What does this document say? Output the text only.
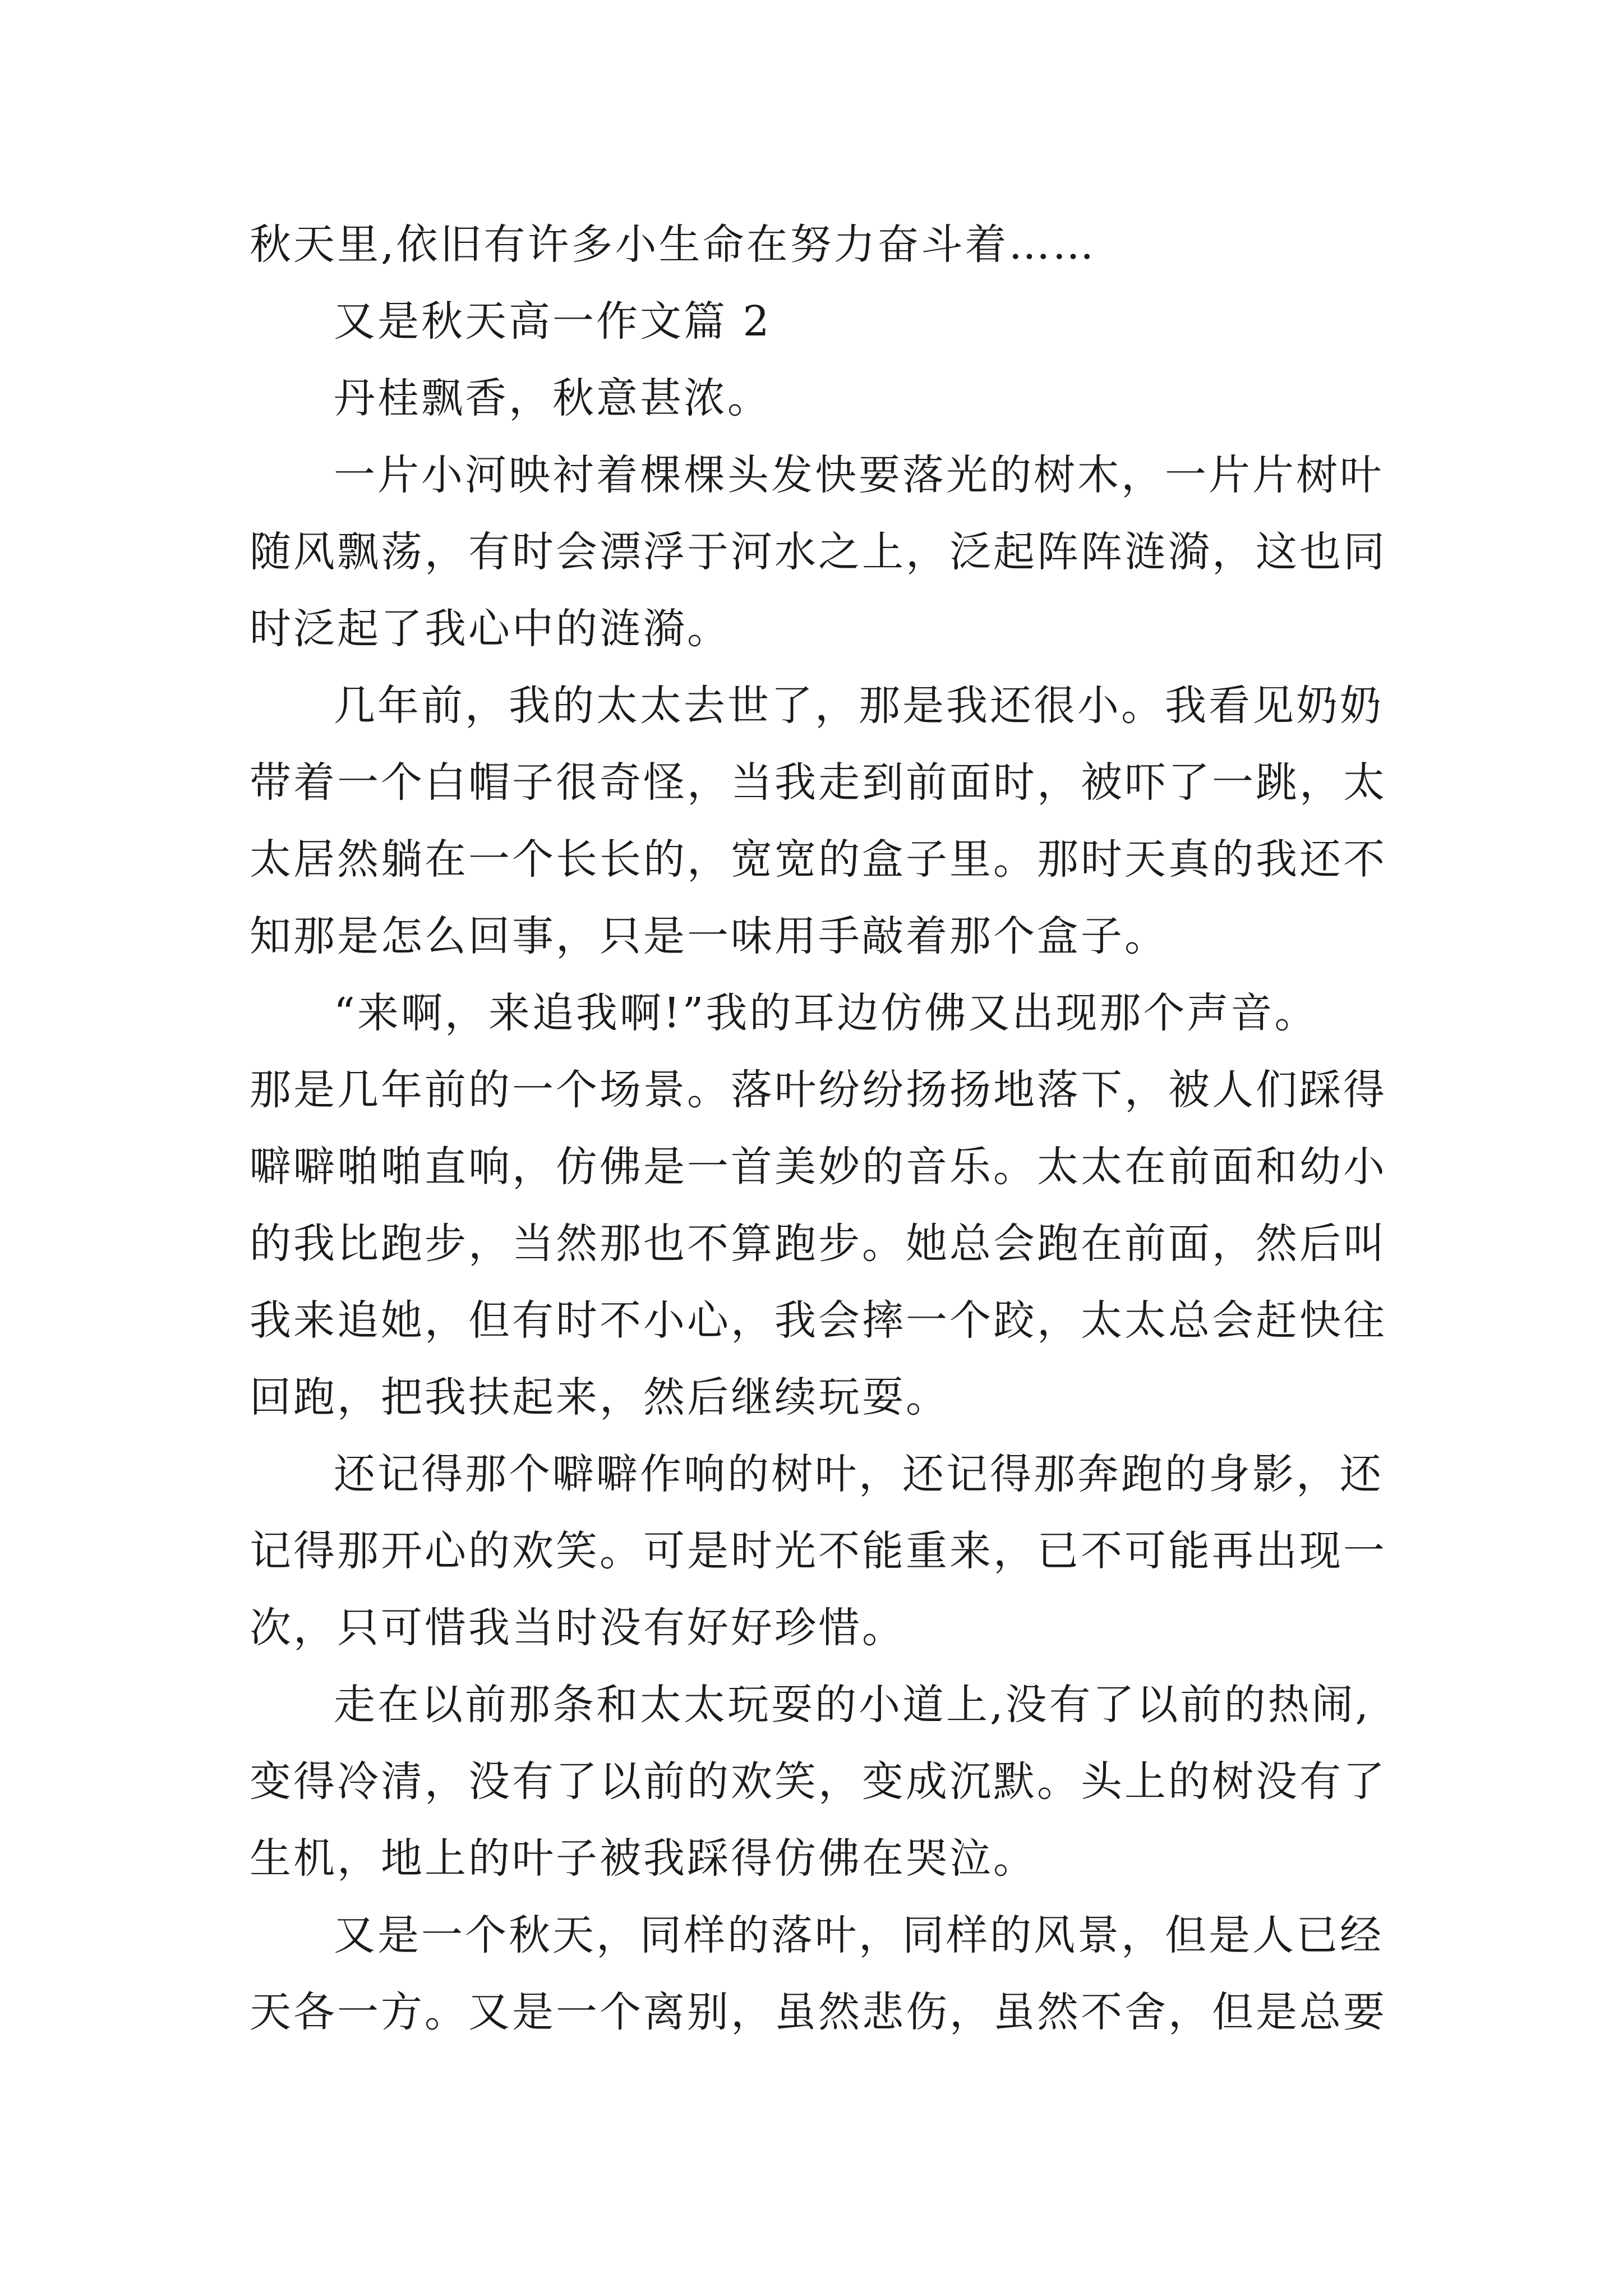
秋天里,依旧有许多小生命在努力奋斗着……

又是秋天高一作文篇 2

丹桂飘香，秋意甚浓。

一片小河映衬着棵棵头发快要落光的树木，一片片树叶

随风飘荡，有时会漂浮于河水之上，泛起阵阵涟漪，这也同

时泛起了我心中的涟漪。

几年前，我的太太去世了，那是我还很小。我看见奶奶

带着一个白帽子很奇怪，当我走到前面时，被吓了一跳，太

太居然躺在一个长长的，宽宽的盒子里。那时天真的我还不

知那是怎么回事，只是一味用手敲着那个盒子。

“来啊，来追我啊!”我的耳边仿佛又出现那个声音。

那是几年前的一个场景。落叶纷纷扬扬地落下，被人们踩得

噼噼啪啪直响，仿佛是一首美妙的音乐。太太在前面和幼小

的我比跑步，当然那也不算跑步。她总会跑在前面，然后叫

我来追她，但有时不小心，我会摔一个跤，太太总会赶快往

回跑，把我扶起来，然后继续玩耍。

还记得那个噼噼作响的树叶，还记得那奔跑的身影，还

记得那开心的欢笑。可是时光不能重来，已不可能再出现一

次，只可惜我当时没有好好珍惜。

走在以前那条和太太玩耍的小道上,没有了以前的热闹,

变得冷清，没有了以前的欢笑，变成沉默。头上的树没有了

生机，地上的叶子被我踩得仿佛在哭泣。

又是一个秋天，同样的落叶，同样的风景，但是人已经

天各一方。又是一个离别，虽然悲伤，虽然不舍，但是总要
